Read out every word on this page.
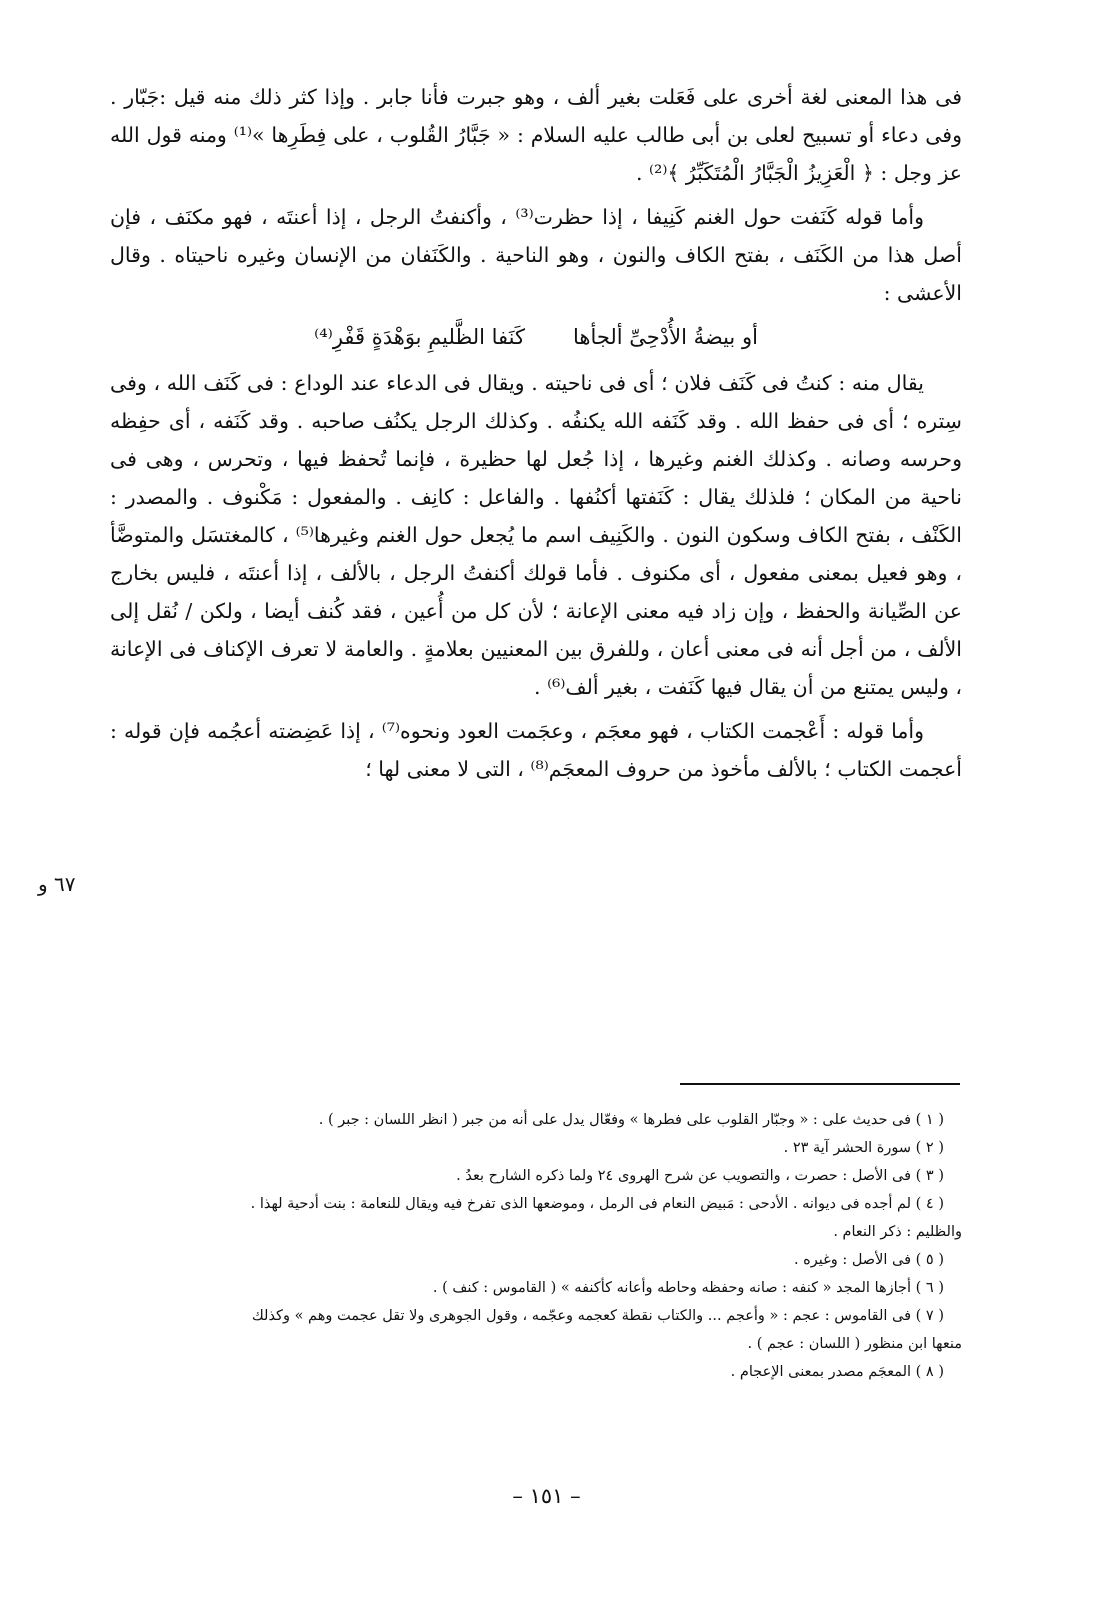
فى هذا المعنى لغة أخرى على فَعَلت بغير ألف ، وهو جبرت فأنا جابر . وإذا كثر ذلك منه قيل :جَبّار . وفى دعاء أو تسبيح لعلى بن أبى طالب عليه السلام : « جَبَّارُ القُلوب ، على فِطَرِها »⁽¹⁾ ومنه قول الله عز وجل : ﴿ الْعَزِيزُ الْجَبَّارُ الْمُتَكَبِّرُ ﴾⁽²⁾ .

وأما قوله كَنَفت حول الغنم كَنِيفا ، إذا حظرت⁽³⁾ ، وأكنفتُ الرجل ، إذا أعنتَه ، فهو مكنَف ، فإن أصل هذا من الكَنَف ، بفتح الكاف والنون ، وهو الناحية . والكَنَفان من الإنسان وغيره ناحيتاه . وقال الأعشى :

أو بيضةُ الأُدْحِىِّ ألجأها
كَنَفا الظَّليمِ بوَهْدَةٍ قَفْرِ⁽⁴⁾

يقال منه : كنتُ فى كَنَف فلان ؛ أى فى ناحيته . ويقال فى الدعاء عند الوداع : فى كَنَف الله ، وفى سِتره ؛ أى فى حفظ الله . وقد كَنَفه الله يكنفُه . وكذلك الرجل يكنُف صاحبه . وقد كَنَفه ، أى حفِظه وحرسه وصانه . وكذلك الغنم وغيرها ، إذا جُعل لها حظيرة ، فإنما تُحفظ فيها ، وتحرس ، وهى فى ناحية من المكان ؛ فلذلك يقال : كَنَفتها أكنُفها . والفاعل : كانِف . والمفعول : مَكْنوف . والمصدر : الكَنْف ، بفتح الكاف وسكون النون . والكَنِيف اسم ما يُجعل حول الغنم وغيرها⁽⁵⁾ ، كالمغتسَل والمتوضَّأ ، وهو فعيل بمعنى مفعول ، أى مكنوف . فأما قولك أكنفتُ الرجل ، بالألف ، إذا أعنتَه ، فليس بخارج عن الصِّيانة والحفظ ، وإن زاد فيه معنى الإعانة ؛ لأن كل من أُعين ، فقد كُنف أيضا ، ولكن / نُقل إلى الألف ، من أجل أنه فى معنى أعان ، وللفرق بين المعنيين بعلامةٍ . والعامة لا تعرف الإكناف فى الإعانة ، وليس يمتنع من أن يقال فيها كَنَفت ، بغير ألف⁽⁶⁾ .

وأما قوله : أَعْجمت الكتاب ، فهو معجَم ، وعجَمت العود ونحوه⁽⁷⁾ ، إذا عَضِضته أعجُمه فإن قوله : أعجمت الكتاب ؛ بالألف مأخوذ من حروف المعجَم⁽⁸⁾ ، التى لا معنى لها ؛

٦٧ و

( ١ ) فى حديث على : « وجبّار القلوب على فطرها » وفعّال يدل على أنه من جبر ( انظر اللسان : جبر ) .

( ٢ ) سورة الحشر آية ٢٣ .

( ٣ ) فى الأصل : حصرت ، والتصويب عن شرح الهروى ٢٤ ولما ذكره الشارح بعدُ .

( ٤ ) لم أجده فى ديوانه . الأدحى : مَبيض النعام فى الرمل ، وموضعها الذى تفرخ فيه ويقال للنعامة : بنت أدحية لهذا .

والظليم : ذكر النعام .

( ٥ ) فى الأصل : وغيره .

( ٦ ) أجازها المجد « كنفه : صانه وحفظه وحاطه وأعانه كأكنفه » ( القاموس : كنف ) .

( ٧ ) فى القاموس : عجم : « وأعجم ... والكتاب نقطة كعجمه وعجّمه ، وقول الجوهرى ولا تقل عجمت وهم » وكذلك

منعها ابن منظور ( اللسان : عجم ) .

( ٨ ) المعجَم مصدر بمعنى الإعجام .

– ١٥١ –
